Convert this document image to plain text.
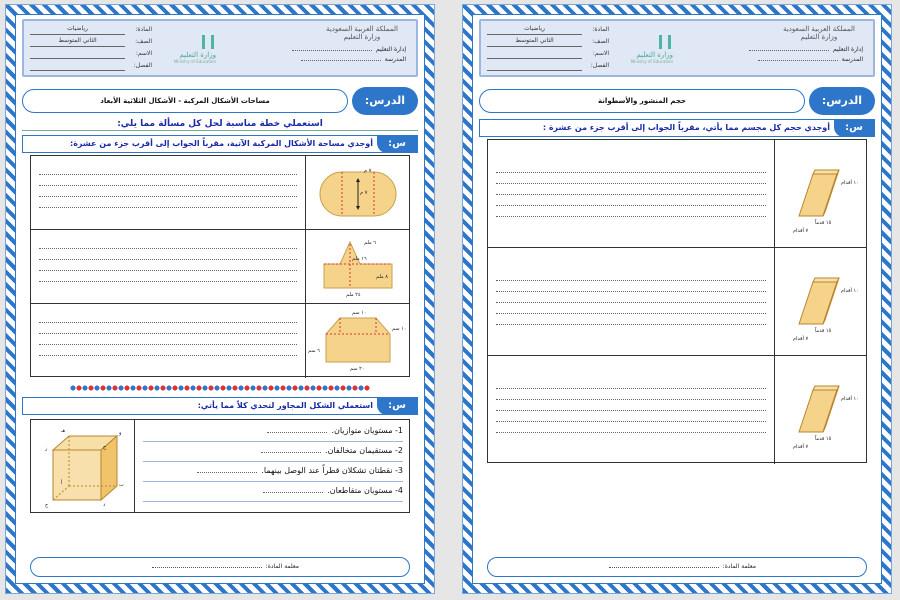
رياضيات	المادة:
الثاني المتوسط	الصف:
الاسم:
الفصل:
وزارة التعليم
Ministry of Education
المملكة العربية السعودية
وزارة التعليم
إدارة التعليم
المدرسة
مساحات الأشكال المركبة - الأشكال الثلاثية الأبعاد	الدرس:
استعملي خطة مناسبة لحل كل مسألة مما يلي:
س:
أوجدي مساحة الأشكال المركبة الآتية، مقرباً الجواب إلى أقرب جزء من عشرة:
٧ م
٧ م
٦ ملم
١٦ ملم
٨ ملم
٢٤ ملم
١٠ سم
١٠ سم
٦ سم
٢٠ سم
س:
استعملي الشكل المجاور لتحدي كلاً مما يأتي:
هـ	و
ز	ح
أ	ب
ج	د
1- مستويان متوازيان.
2- مستقيمان متخالفان.
3- نقطتان تشكلان قطراً عند الوصل بينهما.
4- مستويان متقاطعان.
معلمة المادة:
رياضيات	المادة:
الثاني المتوسط	الصف:
الاسم:
الفصل:
وزارة التعليم
Ministry of Education
المملكة العربية السعودية
وزارة التعليم
إدارة التعليم
المدرسة
حجم المنشور والأسطوانة	الدرس:
س:
أوجدي حجم كل مجسم مما يأتي، مقرباً الجواب إلى أقرب جزء من عشرة :
١٠ أقدام
١٥ قدماً
٧ أقدام
١٠ أقدام
١٥ قدماً
٧ أقدام
١٠ أقدام
١٥ قدماً
٧ أقدام
معلمة المادة:
